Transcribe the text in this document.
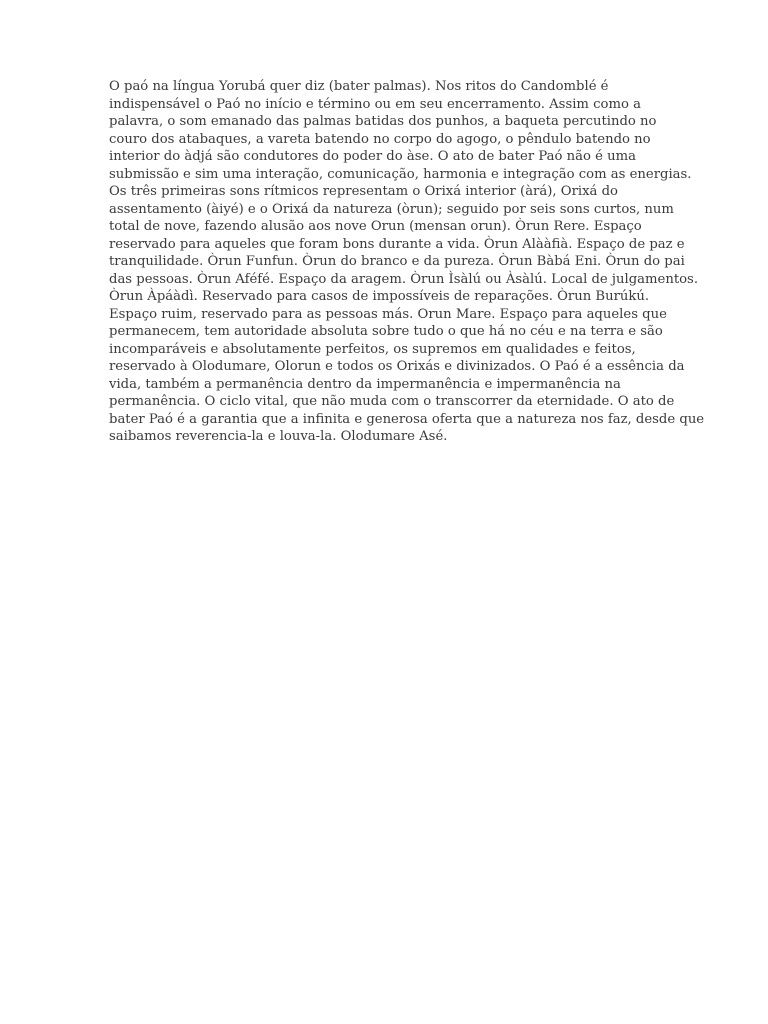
O paó na língua Yorubá quer diz (bater palmas). Nos ritos do Candomblé é
indispensável o Paó no início e término ou em seu encerramento. Assim como a
palavra, o som emanado das palmas batidas dos punhos, a baqueta percutindo no
couro dos atabaques, a vareta batendo no corpo do agogo, o pêndulo batendo no
interior do àdjá são condutores do poder do àse. O ato de bater Paó não é uma
submissão e sim uma interação, comunicação, harmonia e integração com as energias.
Os três primeiras sons rítmicos representam o Orixá interior (àrá), Orixá do
assentamento (àiyé) e o Orixá da natureza (òrun); seguido por seis sons curtos, num
total de nove, fazendo alusão aos nove Orun (mensan orun). Òrun Rere. Espaço
reservado para aqueles que foram bons durante a vida. Òrun Alààfià. Espaço de paz e
tranquilidade. Òrun Funfun. Òrun do branco e da pureza. Òrun Bàbá Eni. Òrun do pai
das pessoas. Òrun Aféfé. Espaço da aragem. Òrun Ìsàlú ou Àsàlú. Local de julgamentos.
Òrun Àpáàdì. Reservado para casos de impossíveis de reparações. Òrun Burúkú.
Espaço ruim, reservado para as pessoas más. Orun Mare. Espaço para aqueles que
permanecem, tem autoridade absoluta sobre tudo o que há no céu e na terra e são
incomparáveis e absolutamente perfeitos, os supremos em qualidades e feitos,
reservado à Olodumare, Olorun e todos os Orixás e divinizados. O Paó é a essência da
vida, também a permanência dentro da impermanência e impermanência na
permanência. O ciclo vital, que não muda com o transcorrer da eternidade. O ato de
bater Paó é a garantia que a infinita e generosa oferta que a natureza nos faz, desde que
saibamos reverencia-la e louva-la. Olodumare Asé.
